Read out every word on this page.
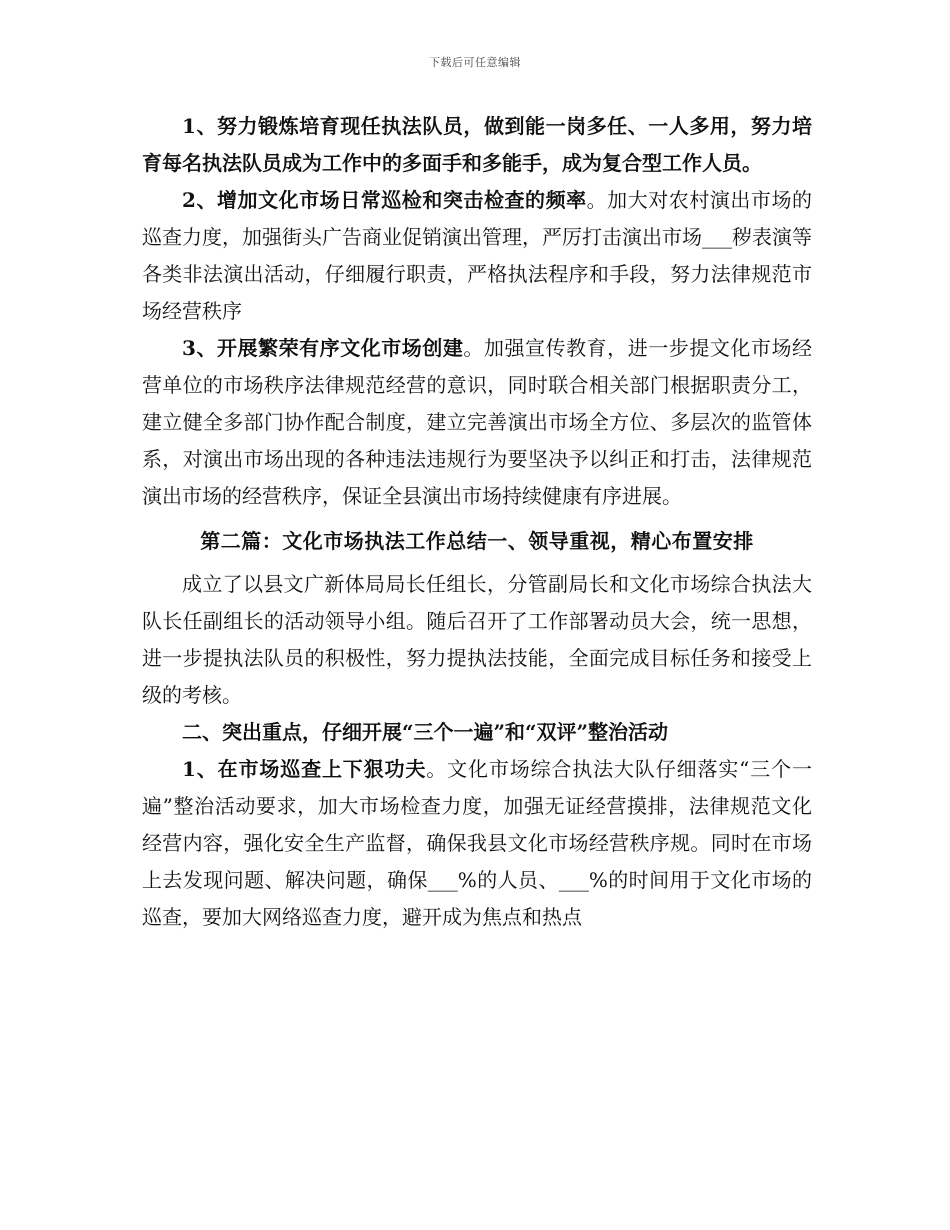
下载后可任意编辑

1、努力锻炼培育现任执法队员，做到能一岗多任、一人多用，努力培育每名执法队员成为工作中的多面手和多能手，成为复合型工作人员。

2、增加文化市场日常巡检和突击检查的频率。加大对农村演出市场的巡查力度，加强街头广告商业促销演出管理，严厉打击演出市场___秽表演等各类非法演出活动，仔细履行职责，严格执法程序和手段，努力法律规范市场经营秩序

3、开展繁荣有序文化市场创建。加强宣传教育，进一步提文化市场经营单位的市场秩序法律规范经营的意识，同时联合相关部门根据职责分工，建立健全多部门协作配合制度，建立完善演出市场全方位、多层次的监管体系，对演出市场出现的各种违法违规行为要坚决予以纠正和打击，法律规范演出市场的经营秩序，保证全县演出市场持续健康有序进展。

第二篇：文化市场执法工作总结一、领导重视，精心布置安排

成立了以县文广新体局局长任组长，分管副局长和文化市场综合执法大队长任副组长的活动领导小组。随后召开了工作部署动员大会，统一思想，进一步提执法队员的积极性，努力提执法技能，全面完成目标任务和接受上级的考核。

二、突出重点，仔细开展“三个一遍”和“双评”整治活动

1、在市场巡查上下狠功夫。文化市场综合执法大队仔细落实“三个一遍”整治活动要求，加大市场检查力度，加强无证经营摸排，法律规范文化经营内容，强化安全生产监督，确保我县文化市场经营秩序规。同时在市场上去发现问题、解决问题，确保___%的人员、___%的时间用于文化市场的巡查，要加大网络巡查力度，避开成为焦点和热点
